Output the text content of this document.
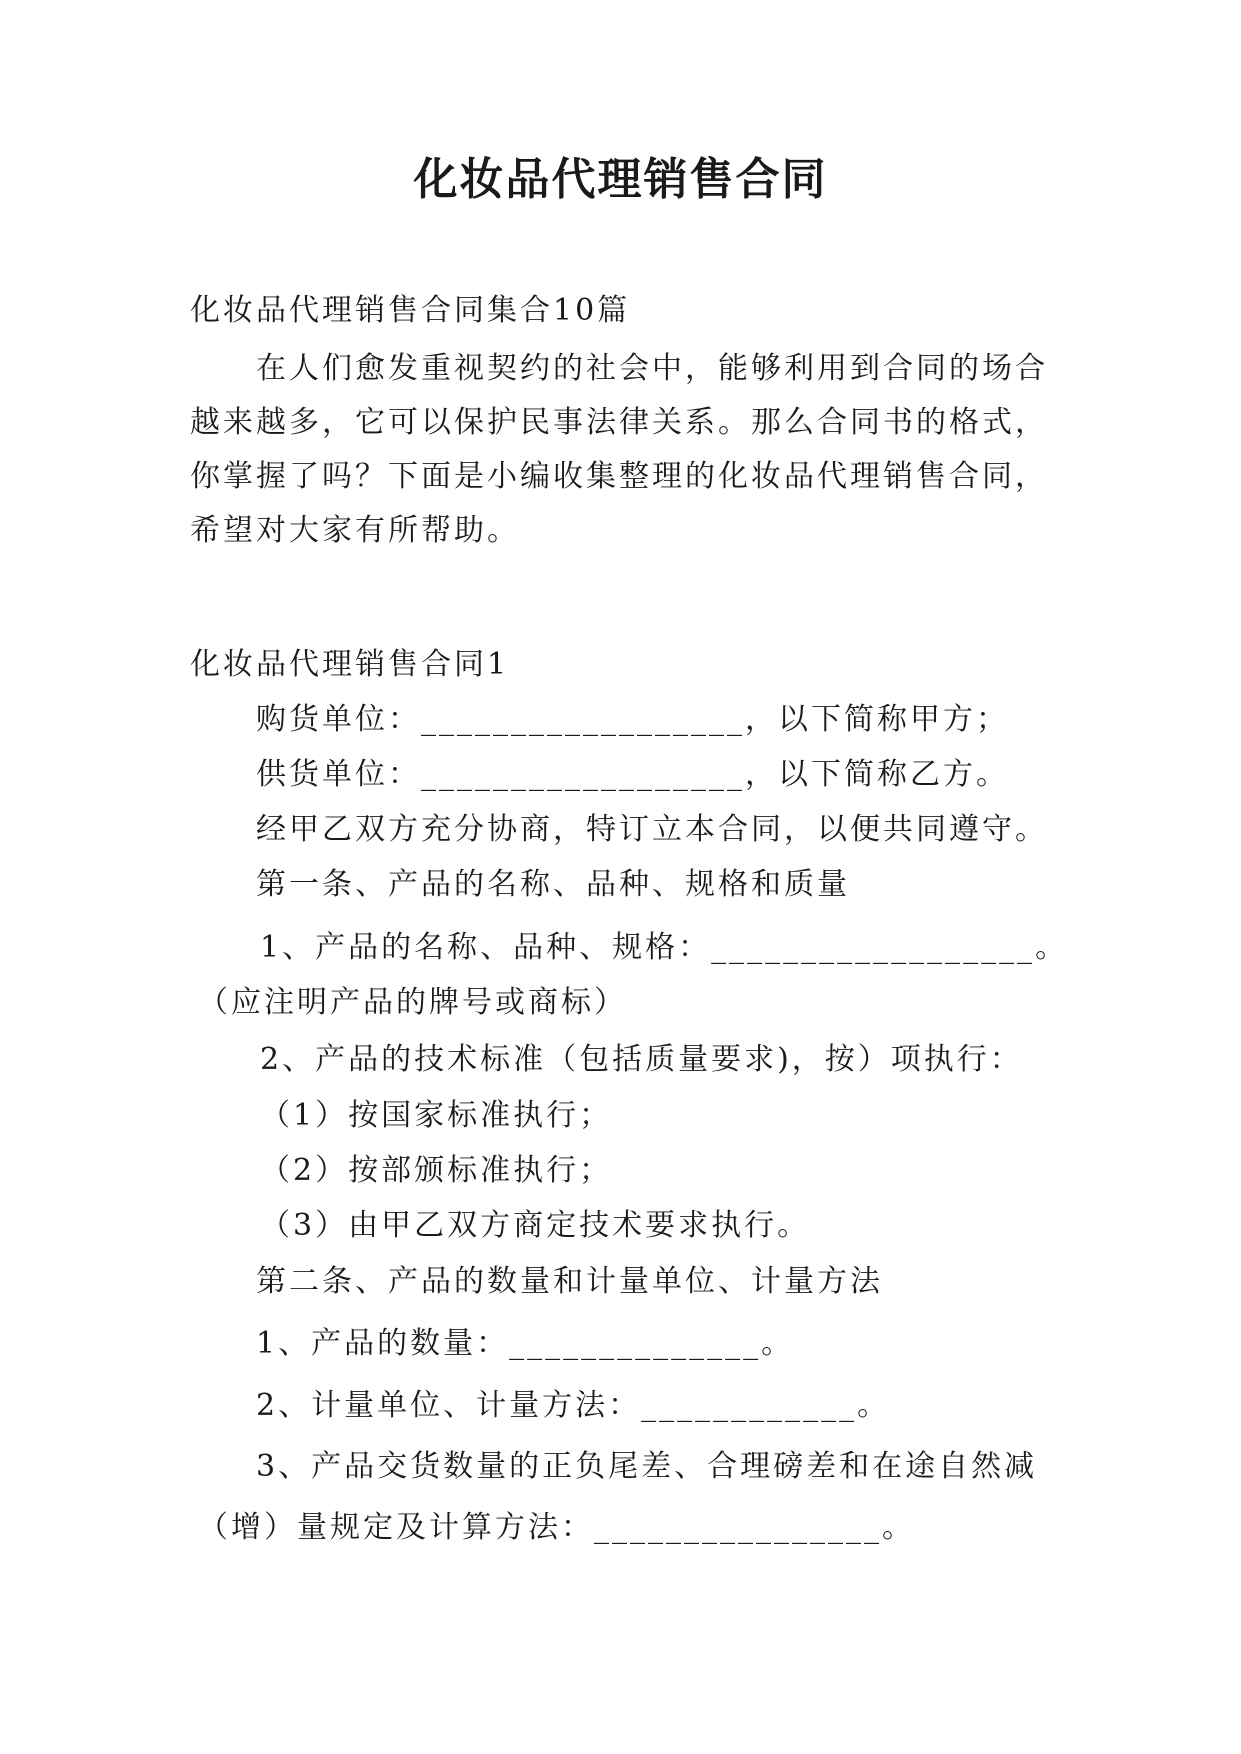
化妆品代理销售合同

化妆品代理销售合同集合10篇

在人们愈发重视契约的社会中，能够利用到合同的场合

越来越多，它可以保护民事法律关系。那么合同书的格式，

你掌握了吗？下面是小编收集整理的化妆品代理销售合同，

希望对大家有所帮助。

化妆品代理销售合同1

购货单位：__________________，以下简称甲方；

供货单位：__________________，以下简称乙方。

经甲乙双方充分协商，特订立本合同，以便共同遵守。

第一条、产品的名称、品种、规格和质量

1、产品的名称、品种、规格：__________________。

（应注明产品的牌号或商标）

2、产品的技术标准（包括质量要求)，按）项执行：

（1）按国家标准执行；

（2）按部颁标准执行；

（3）由甲乙双方商定技术要求执行。

第二条、产品的数量和计量单位、计量方法

1、产品的数量：______________。

2、计量单位、计量方法：____________。

3、产品交货数量的正负尾差、合理磅差和在途自然减

（增）量规定及计算方法：________________。
